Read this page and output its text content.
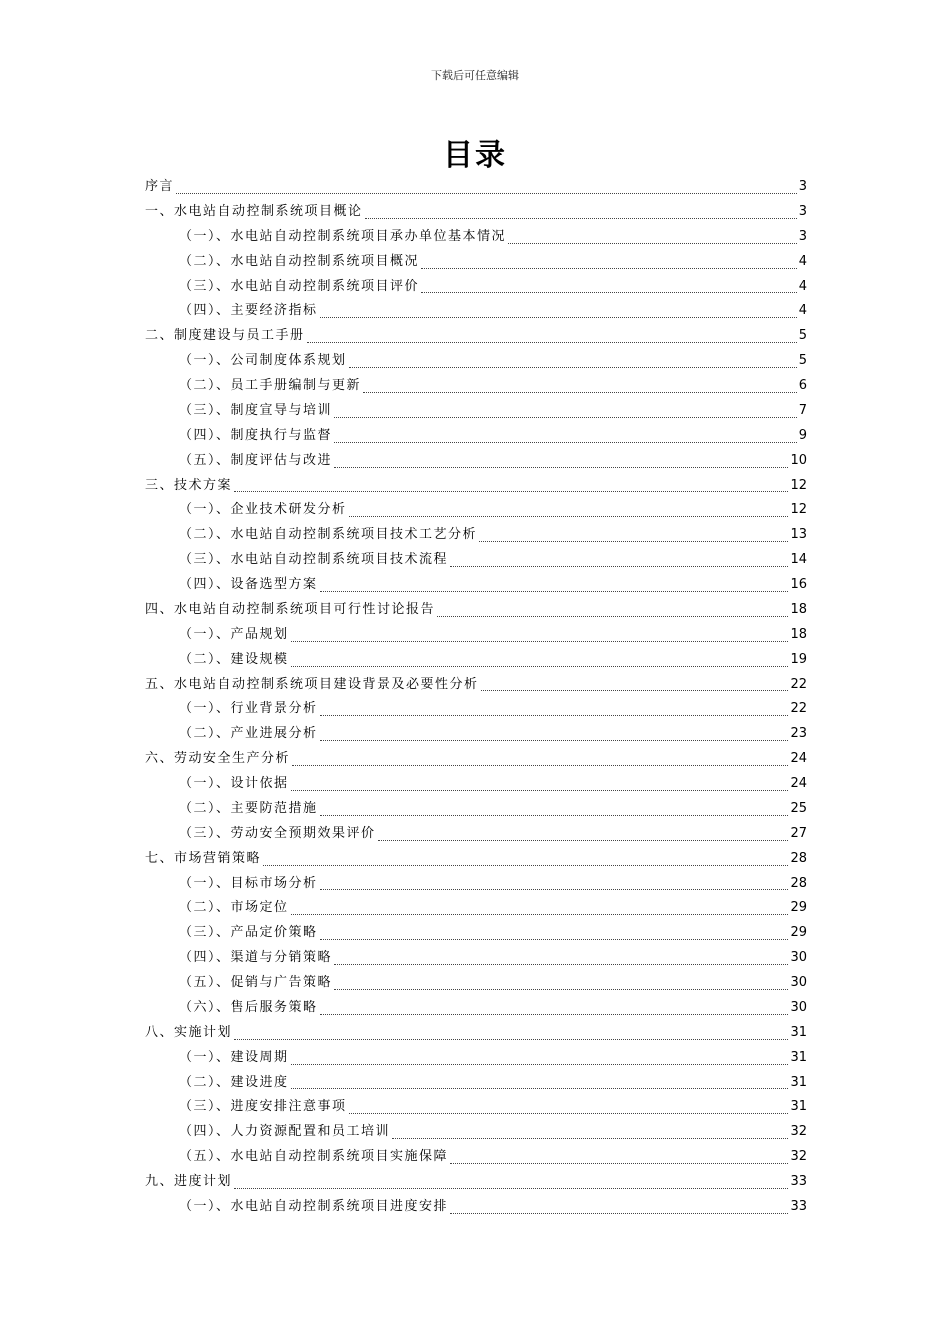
下载后可任意编辑
目录
序言	3
一、水电站自动控制系统项目概论	3
（一）、水电站自动控制系统项目承办单位基本情况	3
（二）、水电站自动控制系统项目概况	4
（三）、水电站自动控制系统项目评价	4
（四）、主要经济指标	4
二、制度建设与员工手册	5
（一）、公司制度体系规划	5
（二）、员工手册编制与更新	6
（三）、制度宣导与培训	7
（四）、制度执行与监督	9
（五）、制度评估与改进	10
三、技术方案	12
（一）、企业技术研发分析	12
（二）、水电站自动控制系统项目技术工艺分析	13
（三）、水电站自动控制系统项目技术流程	14
（四）、设备选型方案	16
四、水电站自动控制系统项目可行性讨论报告	18
（一）、产品规划	18
（二）、建设规模	19
五、水电站自动控制系统项目建设背景及必要性分析	22
（一）、行业背景分析	22
（二）、产业进展分析	23
六、劳动安全生产分析	24
（一）、设计依据	24
（二）、主要防范措施	25
（三）、劳动安全预期效果评价	27
七、市场营销策略	28
（一）、目标市场分析	28
（二）、市场定位	29
（三）、产品定价策略	29
（四）、渠道与分销策略	30
（五）、促销与广告策略	30
（六）、售后服务策略	30
八、实施计划	31
（一）、建设周期	31
（二）、建设进度	31
（三）、进度安排注意事项	31
（四）、人力资源配置和员工培训	32
（五）、水电站自动控制系统项目实施保障	32
九、进度计划	33
（一）、水电站自动控制系统项目进度安排	33
